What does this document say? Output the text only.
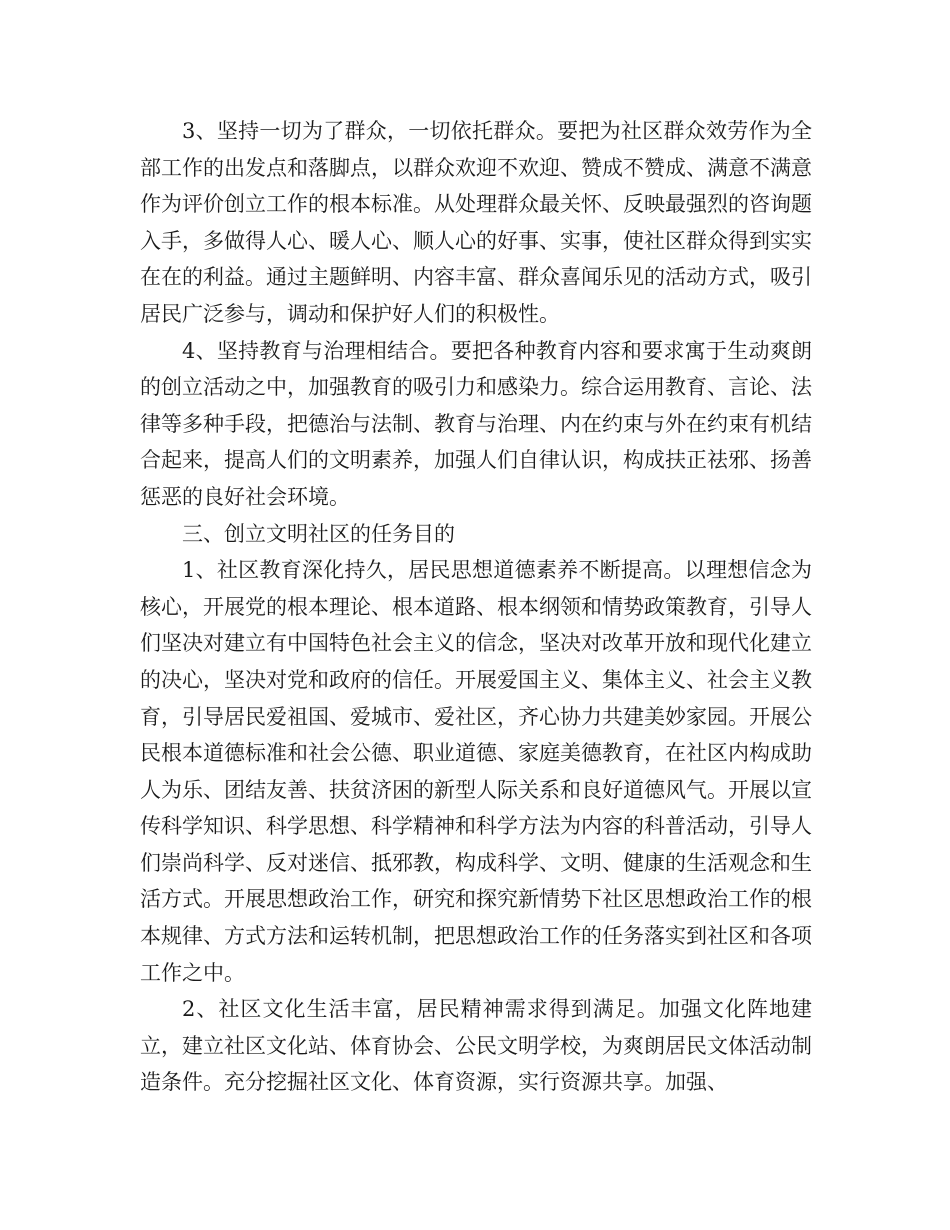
3、坚持一切为了群众，一切依托群众。要把为社区群众效劳作为全部工作的出发点和落脚点，以群众欢迎不欢迎、赞成不赞成、满意不满意作为评价创立工作的根本标准。从处理群众最关怀、反映最强烈的咨询题入手，多做得人心、暖人心、顺人心的好事、实事，使社区群众得到实实在在的利益。通过主题鲜明、内容丰富、群众喜闻乐见的活动方式，吸引居民广泛参与，调动和保护好人们的积极性。

4、坚持教育与治理相结合。要把各种教育内容和要求寓于生动爽朗的创立活动之中，加强教育的吸引力和感染力。综合运用教育、言论、法律等多种手段，把德治与法制、教育与治理、内在约束与外在约束有机结合起来，提高人们的文明素养，加强人们自律认识，构成扶正祛邪、扬善惩恶的良好社会环境。

三、创立文明社区的任务目的

1、社区教育深化持久，居民思想道德素养不断提高。以理想信念为核心，开展党的根本理论、根本道路、根本纲领和情势政策教育，引导人们坚决对建立有中国特色社会主义的信念，坚决对改革开放和现代化建立的决心，坚决对党和政府的信任。开展爱国主义、集体主义、社会主义教育，引导居民爱祖国、爱城市、爱社区，齐心协力共建美妙家园。开展公民根本道德标准和社会公德、职业道德、家庭美德教育，在社区内构成助人为乐、团结友善、扶贫济困的新型人际关系和良好道德风气。开展以宣传科学知识、科学思想、科学精神和科学方法为内容的科普活动，引导人们崇尚科学、反对迷信、抵邪教，构成科学、文明、健康的生活观念和生活方式。开展思想政治工作，研究和探究新情势下社区思想政治工作的根本规律、方式方法和运转机制，把思想政治工作的任务落实到社区和各项工作之中。

2、社区文化生活丰富，居民精神需求得到满足。加强文化阵地建立，建立社区文化站、体育协会、公民文明学校，为爽朗居民文体活动制造条件。充分挖掘社区文化、体育资源，实行资源共享。加强、
